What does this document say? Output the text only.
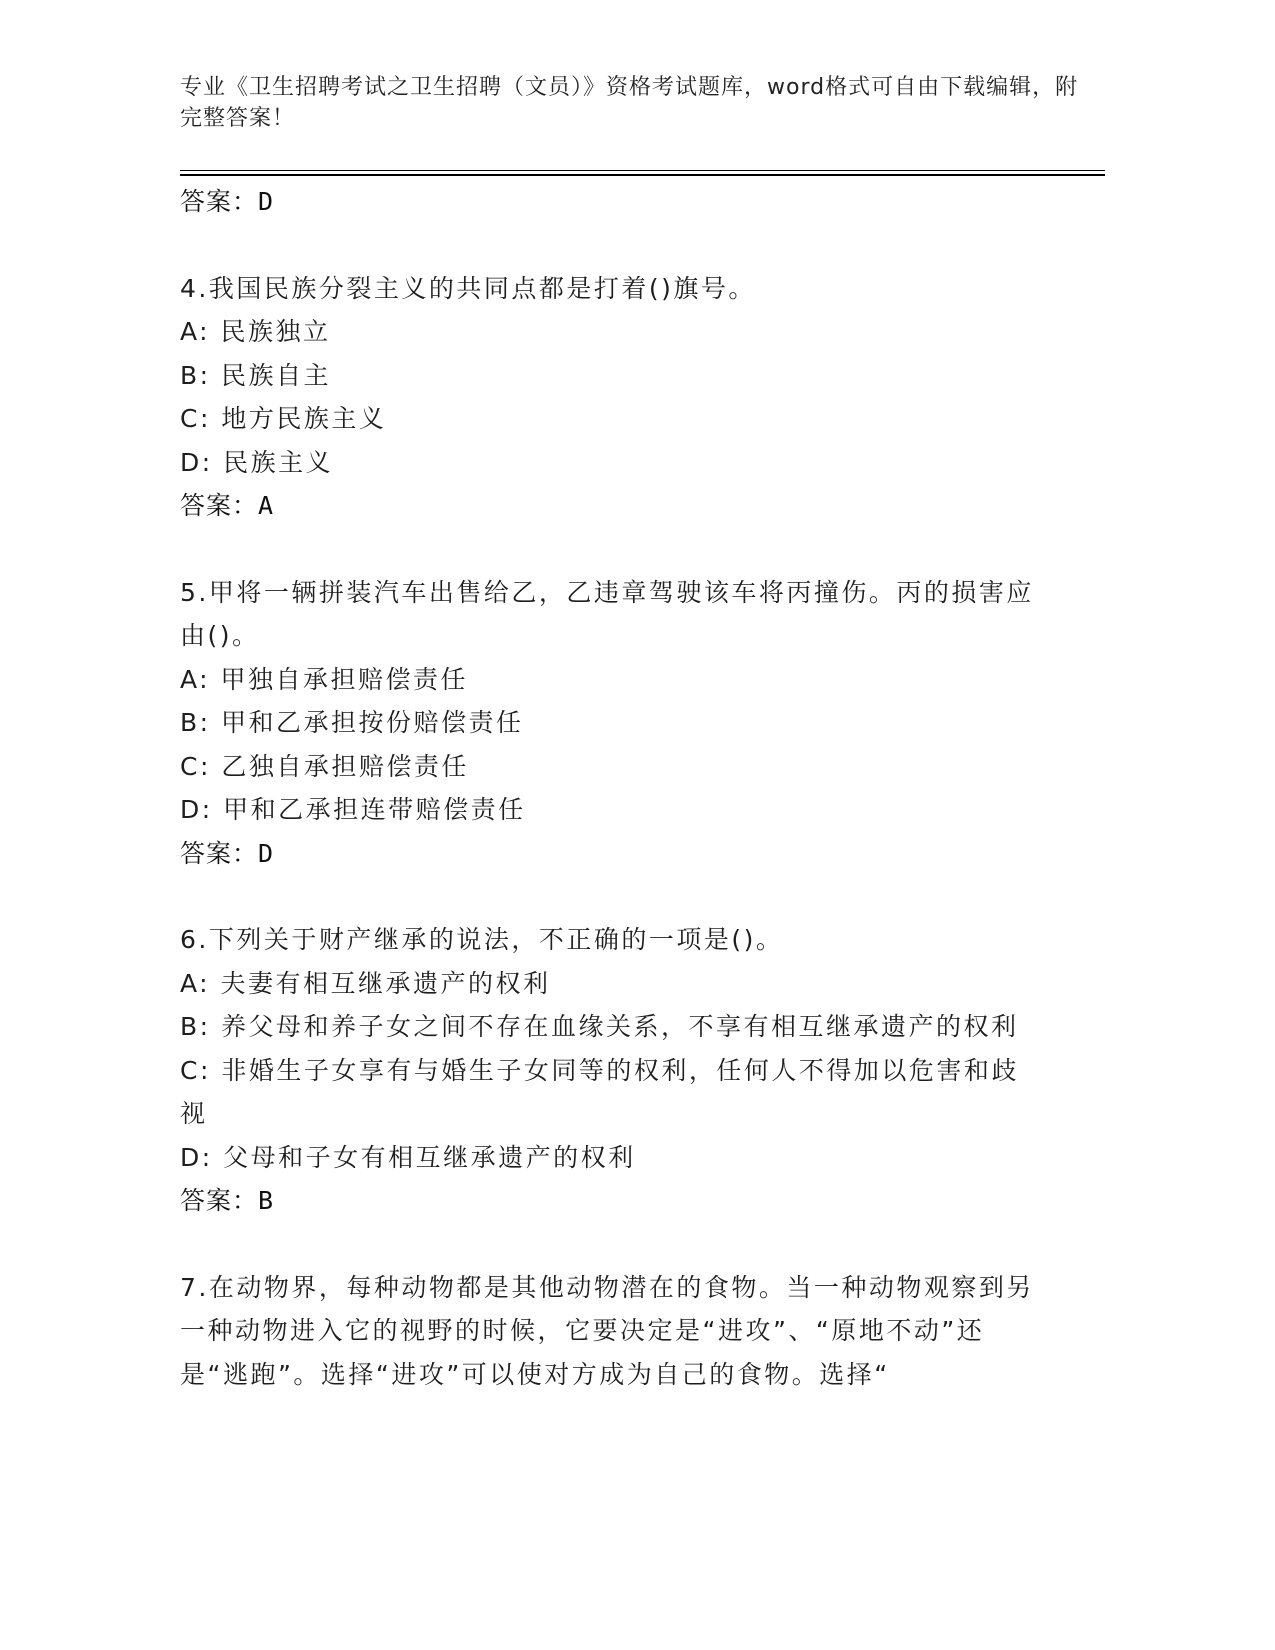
专业《卫生招聘考试之卫生招聘（文员）》资格考试题库，word格式可自由下载编辑，附完整答案！
答案：D
4.我国民族分裂主义的共同点都是打着()旗号。
A: 民族独立
B: 民族自主
C: 地方民族主义
D: 民族主义
答案：A
5.甲将一辆拼装汽车出售给乙，乙违章驾驶该车将丙撞伤。丙的损害应由()。
A: 甲独自承担赔偿责任
B: 甲和乙承担按份赔偿责任
C: 乙独自承担赔偿责任
D: 甲和乙承担连带赔偿责任
答案：D
6.下列关于财产继承的说法，不正确的一项是()。
A: 夫妻有相互继承遗产的权利
B: 养父母和养子女之间不存在血缘关系，不享有相互继承遗产的权利
C: 非婚生子女享有与婚生子女同等的权利，任何人不得加以危害和歧视
D: 父母和子女有相互继承遗产的权利
答案：B
7.在动物界，每种动物都是其他动物潜在的食物。当一种动物观察到另一种动物进入它的视野的时候，它要决定是“进攻”、“原地不动”还是“逃跑”。选择“进攻”可以使对方成为自己的食物。选择“
